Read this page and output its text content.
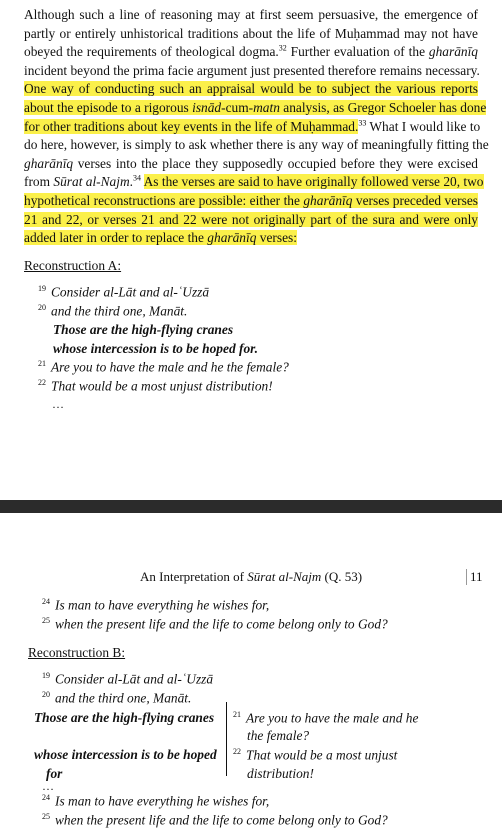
Although such a line of reasoning may at first seem persuasive, the emergence of
partly or entirely unhistorical traditions about the life of Muḥammad may not have
obeyed the requirements of theological dogma.$^{32}$ Further evaluation of the gharānīq
incident beyond the prima facie argument just presented therefore remains necessary.
One way of conducting such an appraisal would be to subject the various reports
about the episode to a rigorous isnād-cum-matn analysis, as Gregor Schoeler has done
for other traditions about key events in the life of Muḥammad.$^{33}$ What I would like to
do here, however, is simply to ask whether there is any way of meaningfully fitting the
gharānīq verses into the place they supposedly occupied before they were excised
from Sūrat al-Najm.$^{34}$ As the verses are said to have originally followed verse 20, two
hypothetical reconstructions are possible: either the gharānīq verses preceded verses
21 and 22, or verses 21 and 22 were not originally part of the sura and were only
added later in order to replace the gharānīq verses:
Reconstruction A:
$^{19}$ Consider al-Lāt and al-ʿUzzā
$^{20}$ and the third one, Manāt.
Those are the high-flying cranes
whose intercession is to be hoped for.
$^{21}$ Are you to have the male and he the female?
$^{22}$ That would be a most unjust distribution!
…
An Interpretation of Sūrat al-Najm (Q. 53)	11
$^{24}$ Is man to have everything he wishes for,
$^{25}$ when the present life and the life to come belong only to God?
Reconstruction B:
$^{19}$ Consider al-Lāt and al-ʿUzzā
$^{20}$ and the third one, Manāt.
Those are the high-flying cranes
whose intercession is to be hoped
for
$^{21}$ Are you to have the male and he
the female?
$^{22}$ That would be a most unjust
distribution!
…
$^{24}$ Is man to have everything he wishes for,
$^{25}$ when the present life and the life to come belong only to God?
